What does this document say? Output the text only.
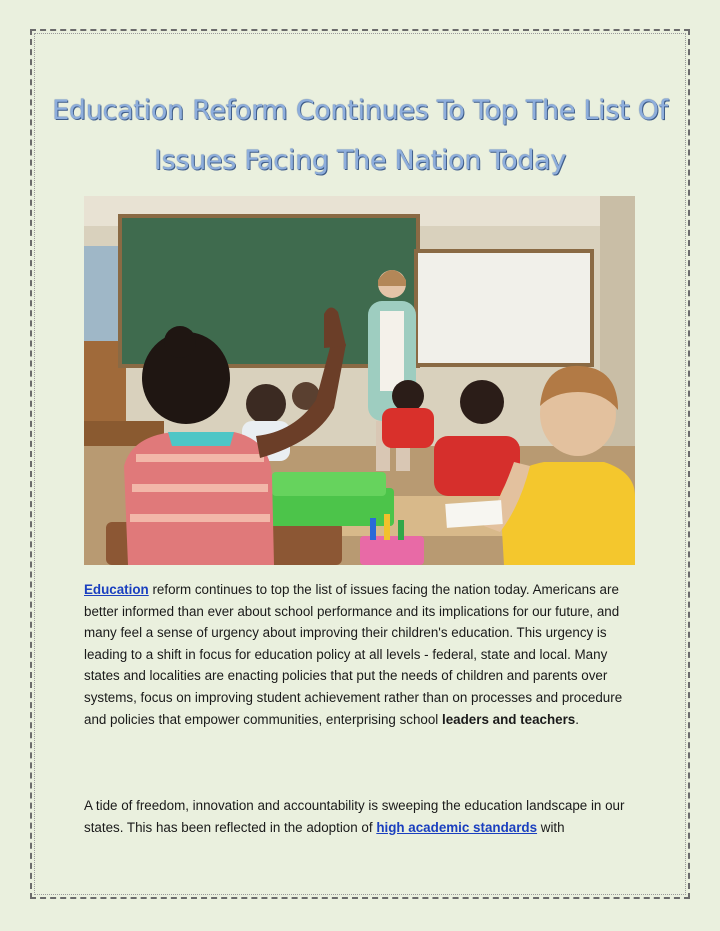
Education Reform Continues To Top The List Of Issues Facing The Nation Today

Education reform continues to top the list of issues facing the nation today. Americans are better informed than ever about school performance and its implications for our future, and many feel a sense of urgency about improving their children's education. This urgency is leading to a shift in focus for education policy at all levels - federal, state and local. Many states and localities are enacting policies that put the needs of children and parents over systems, focus on improving student achievement rather than on processes and procedure and policies that empower communities, enterprising school leaders and teachers.

A tide of freedom, innovation and accountability is sweeping the education landscape in our states. This has been reflected in the adoption of high academic standards with
